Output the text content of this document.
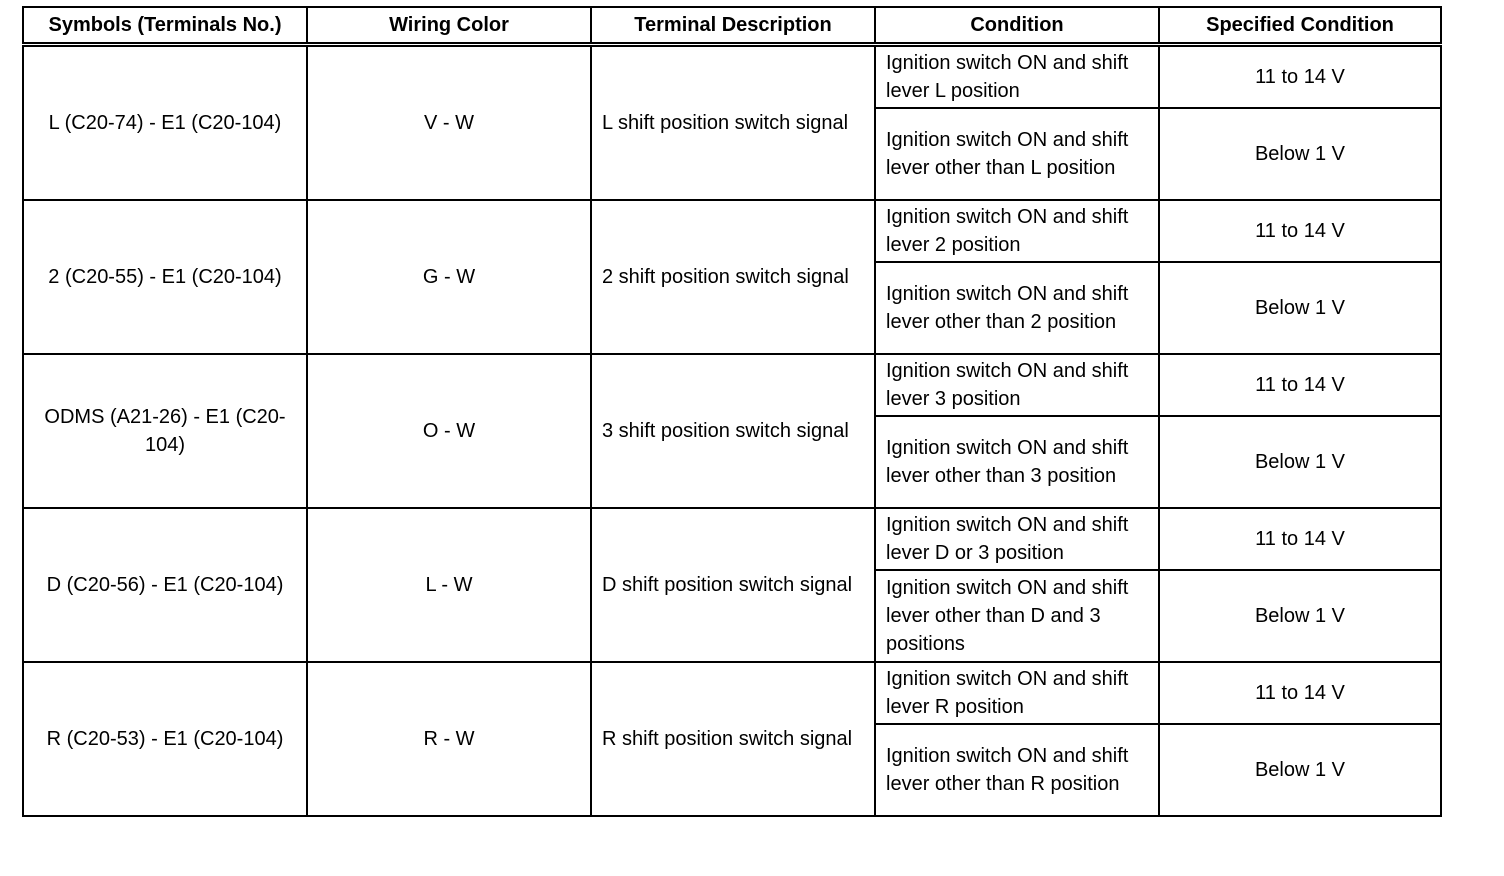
Symbols (Terminals No.)	Wiring Color	Terminal Description	Condition	Specified Condition
L (C20-74) - E1 (C20-104)	V - W	L shift position switch signal	Ignition switch ON and shift lever L position	11 to 14 V
			Ignition switch ON and shift lever other than L position	Below 1 V
2 (C20-55) - E1 (C20-104)	G - W	2 shift position switch signal	Ignition switch ON and shift lever 2 position	11 to 14 V
			Ignition switch ON and shift lever other than 2 position	Below 1 V
ODMS (A21-26) - E1 (C20-104)	O - W	3 shift position switch signal	Ignition switch ON and shift lever 3 position	11 to 14 V
			Ignition switch ON and shift lever other than 3 position	Below 1 V
D (C20-56) - E1 (C20-104)	L - W	D shift position switch signal	Ignition switch ON and shift lever D or 3 position	11 to 14 V
			Ignition switch ON and shift lever other than D and 3 positions	Below 1 V
R (C20-53) - E1 (C20-104)	R - W	R shift position switch signal	Ignition switch ON and shift lever R position	11 to 14 V
			Ignition switch ON and shift lever other than R position	Below 1 V
